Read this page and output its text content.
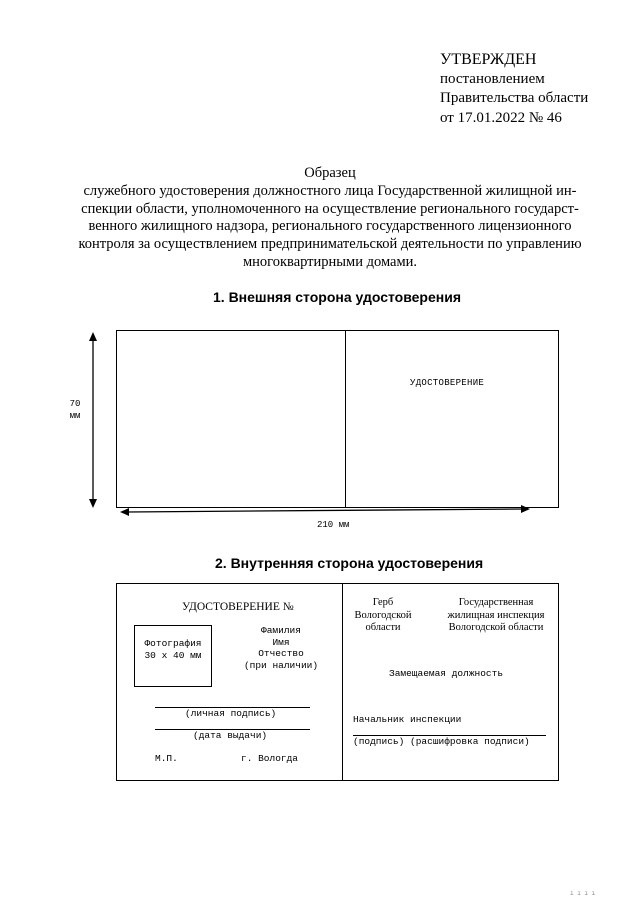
УТВЕРЖДЕН
постановлением
Правительства области
от 17.01.2022 № 46
Образец
служебного удостоверения должностного лица Государственной жилищной ин-
спекции области, уполномоченного на осуществление регионального государст-
венного жилищного надзора, регионального государственного лицензионного
контроля за осуществлением предпринимательской деятельности по управлению
многоквартирными домами.
1. Внешняя сторона удостоверения
УДОСТОВЕРЕНИЕ
70
мм
210 мм
2. Внутренняя сторона удостоверения
УДОСТОВЕРЕНИЕ №
Фотография
30 х 40 мм
Фамилия
Имя
Отчество
(при наличии)
(личная подпись)
(дата выдачи)
М.П.	г. Вологда
Герб
Вологодской
области
Государственная
жилищная инспекция
Вологодской области
Замещаемая должность
Начальник инспекции
(подпись) (расшифровка подписи)
ı ı ı ı
